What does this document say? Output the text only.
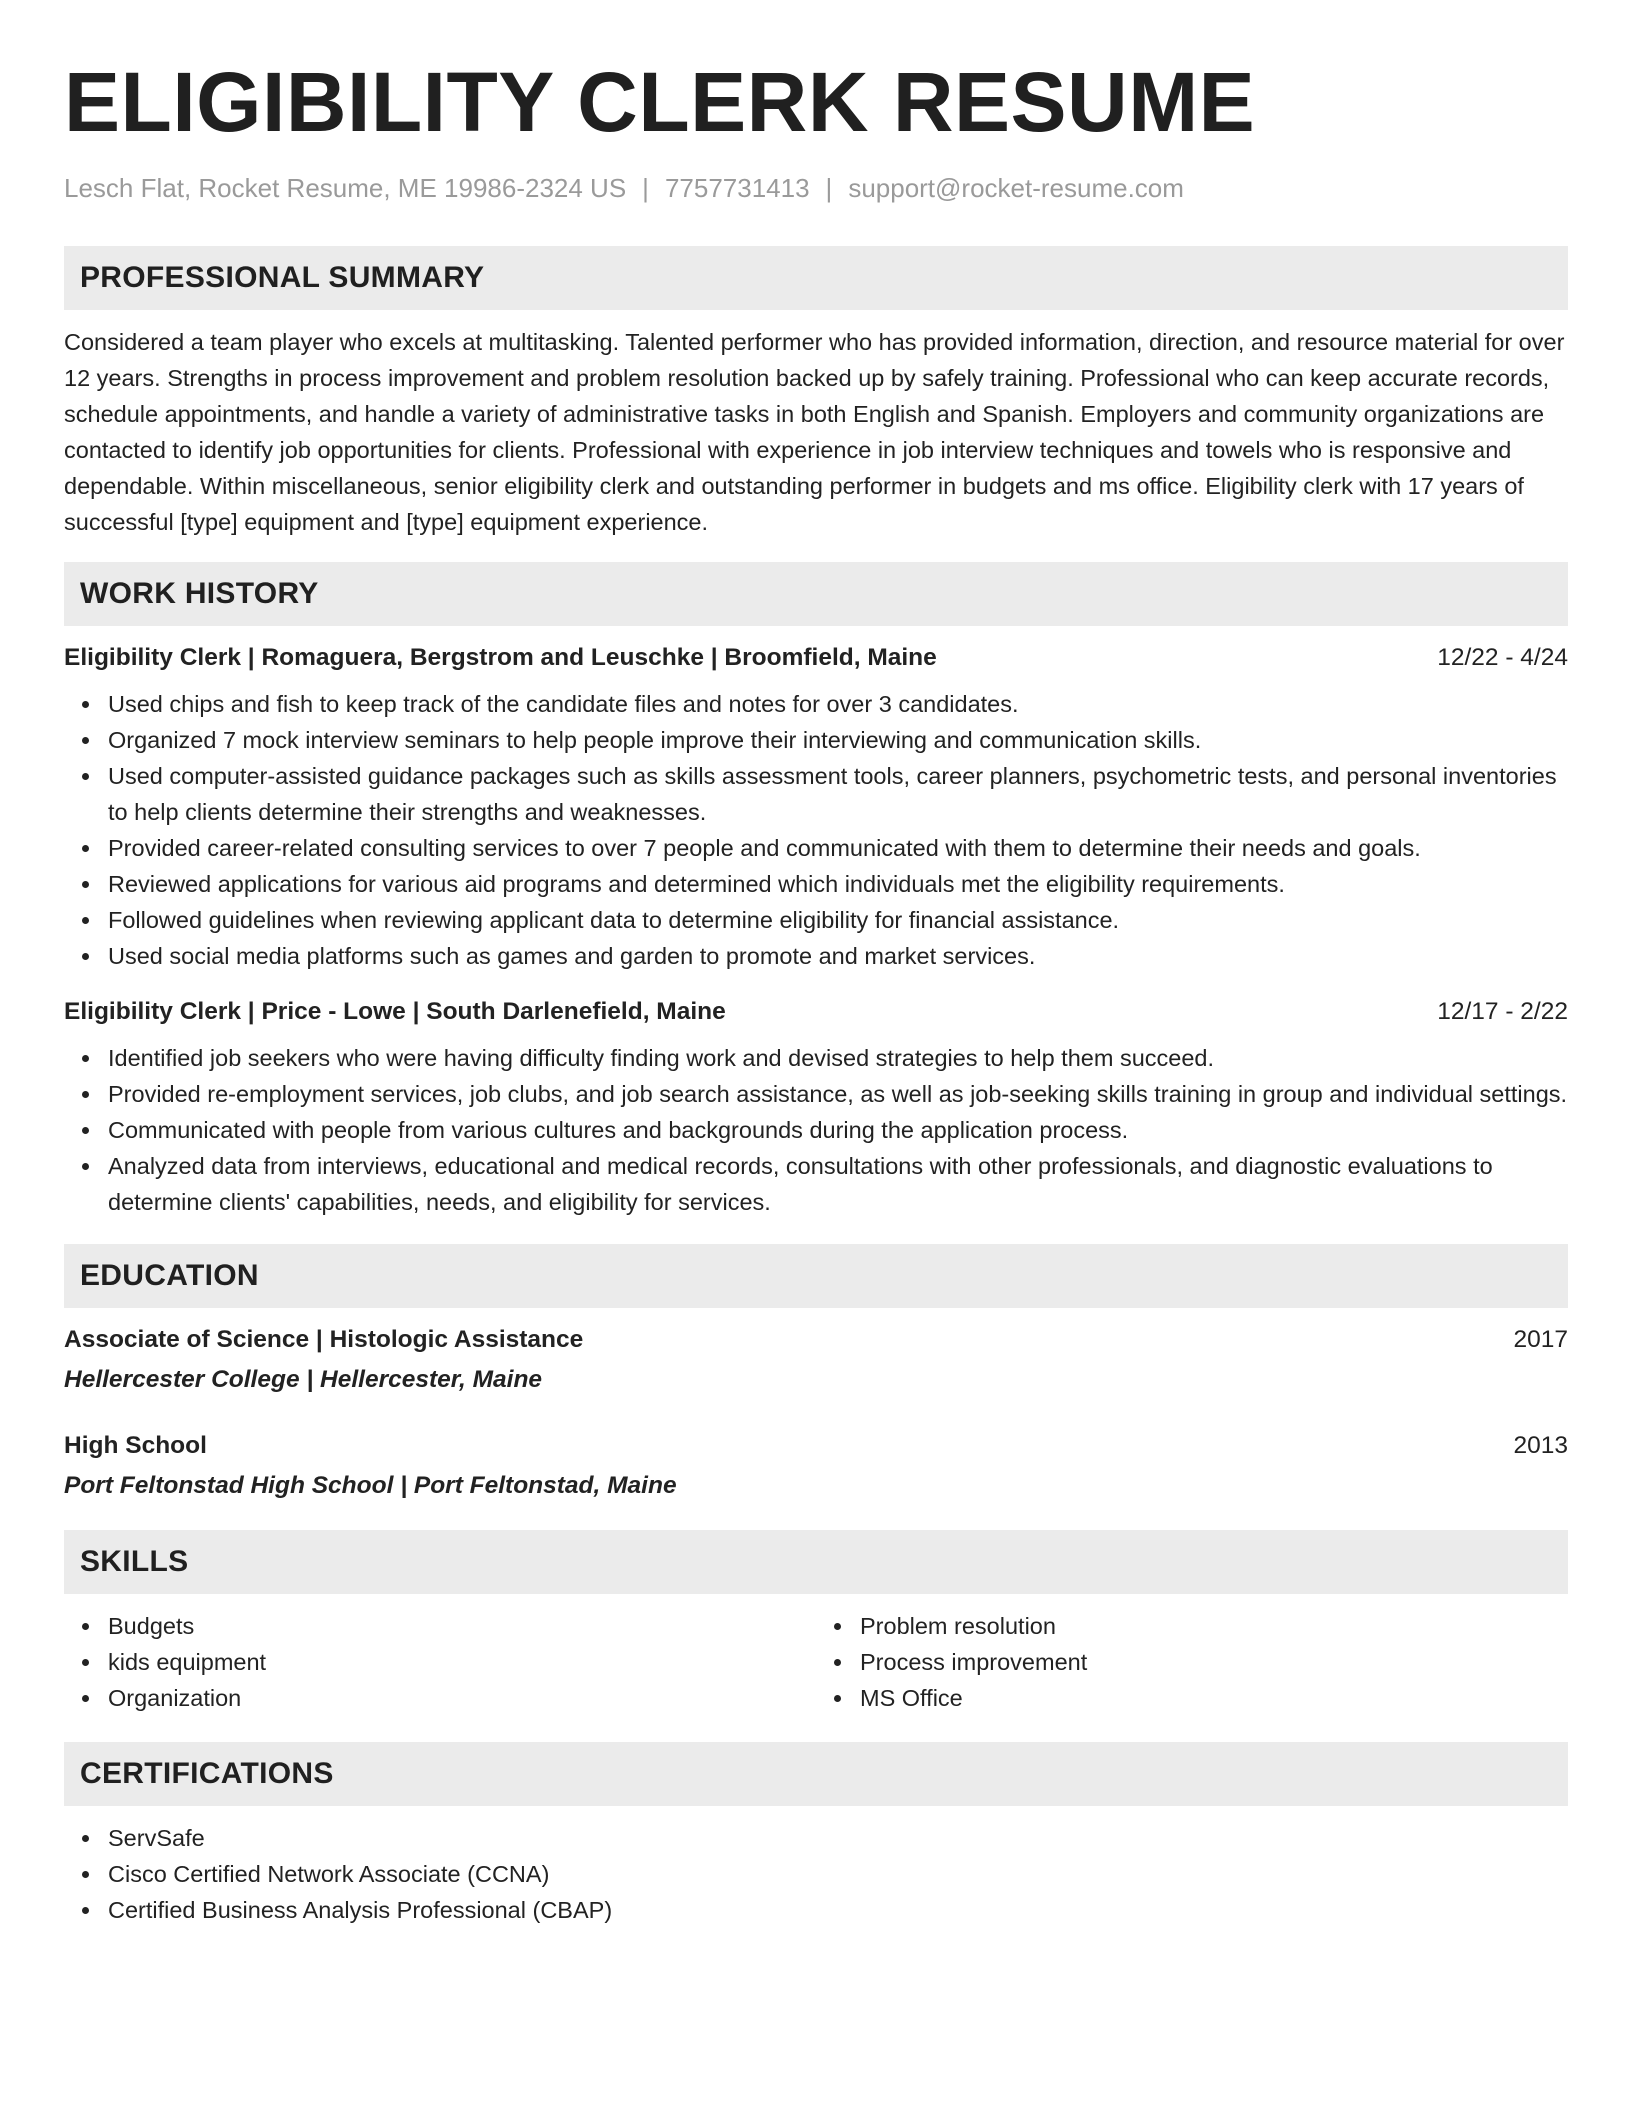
ELIGIBILITY CLERK RESUME
Lesch Flat, Rocket Resume, ME 19986-2324 US | 7757731413 | support@rocket-resume.com
PROFESSIONAL SUMMARY

Considered a team player who excels at multitasking. Talented performer who has provided information, direction, and resource material for over 12 years. Strengths in process improvement and problem resolution backed up by safely training. Professional who can keep accurate records, schedule appointments, and handle a variety of administrative tasks in both English and Spanish. Employers and community organizations are contacted to identify job opportunities for clients. Professional with experience in job interview techniques and towels who is responsive and dependable. Within miscellaneous, senior eligibility clerk and outstanding performer in budgets and ms office. Eligibility clerk with 17 years of successful [type] equipment and [type] equipment experience.

WORK HISTORY
Eligibility Clerk | Romaguera, Bergstrom and Leuschke | Broomfield, Maine	12/22 - 4/24
Used chips and fish to keep track of the candidate files and notes for over 3 candidates.
Organized 7 mock interview seminars to help people improve their interviewing and communication skills.
Used computer-assisted guidance packages such as skills assessment tools, career planners, psychometric tests, and personal inventories to help clients determine their strengths and weaknesses.
Provided career-related consulting services to over 7 people and communicated with them to determine their needs and goals.
Reviewed applications for various aid programs and determined which individuals met the eligibility requirements.
Followed guidelines when reviewing applicant data to determine eligibility for financial assistance.
Used social media platforms such as games and garden to promote and market services.
Eligibility Clerk | Price - Lowe | South Darlenefield, Maine	12/17 - 2/22
Identified job seekers who were having difficulty finding work and devised strategies to help them succeed.
Provided re-employment services, job clubs, and job search assistance, as well as job-seeking skills training in group and individual settings.
Communicated with people from various cultures and backgrounds during the application process.
Analyzed data from interviews, educational and medical records, consultations with other professionals, and diagnostic evaluations to determine clients' capabilities, needs, and eligibility for services.
EDUCATION
Associate of Science | Histologic Assistance	2017
Hellercester College | Hellercester, Maine
High School	2013
Port Feltonstad High School | Port Feltonstad, Maine
SKILLS
Budgets
kids equipment
Organization
Problem resolution
Process improvement
MS Office
CERTIFICATIONS
ServSafe
Cisco Certified Network Associate (CCNA)
Certified Business Analysis Professional (CBAP)
